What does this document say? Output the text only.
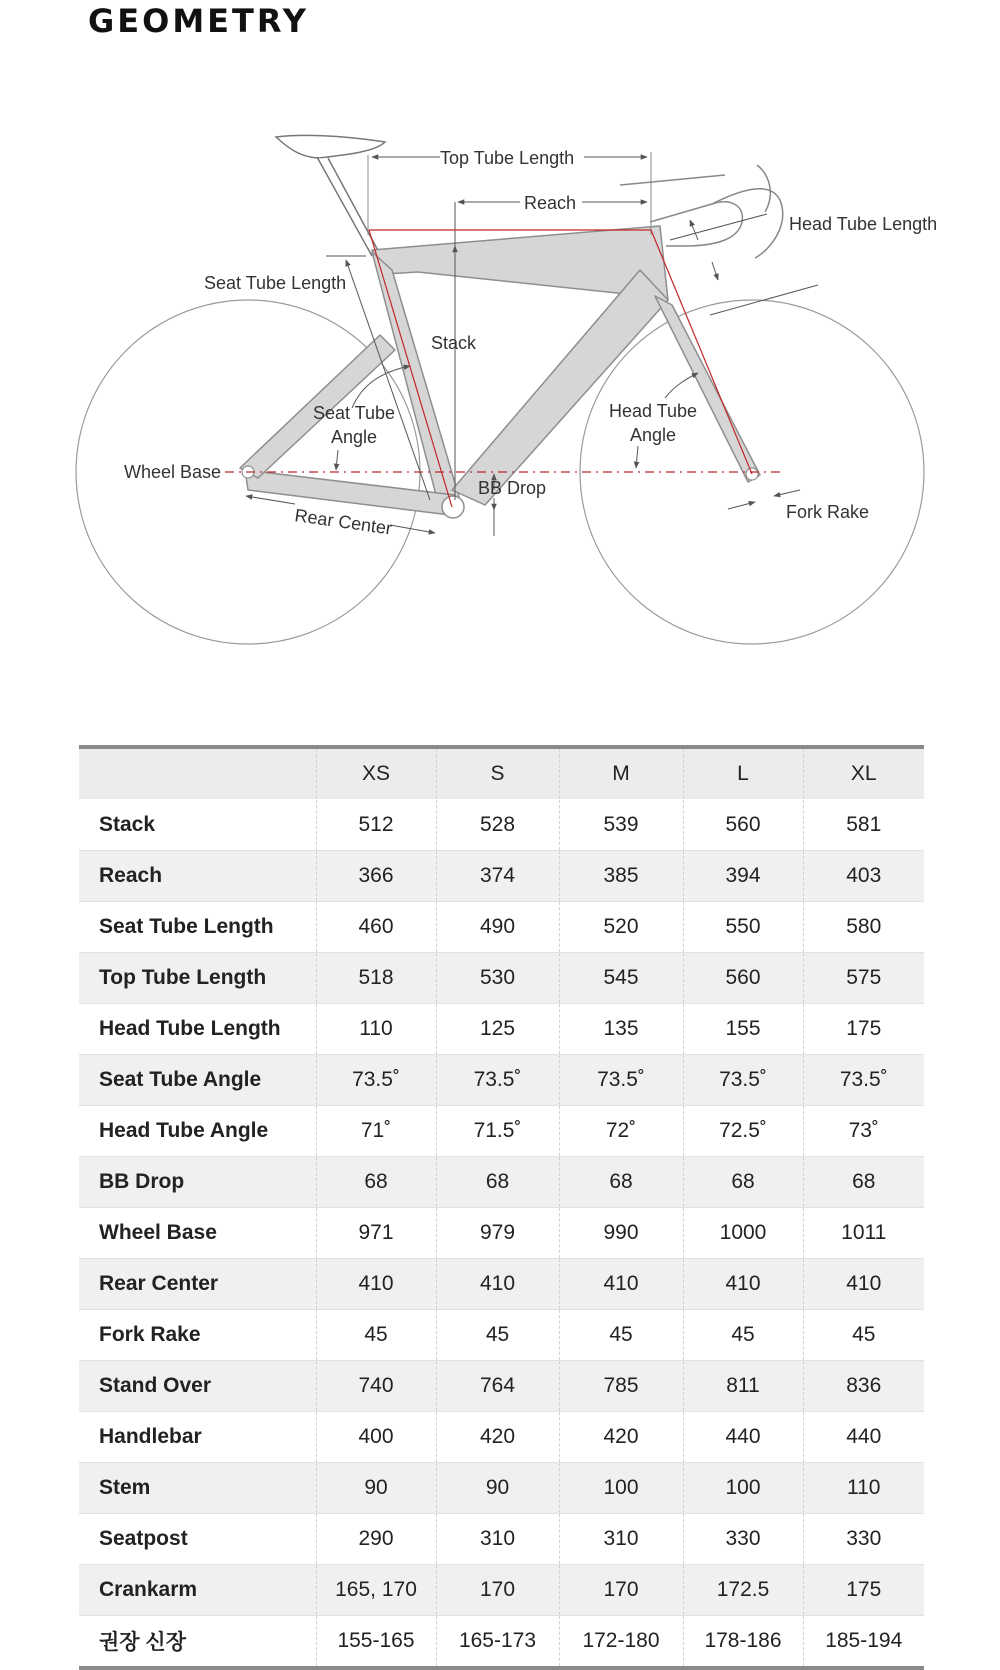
GEOMETRY
Top Tube Length
Reach
Head Tube Length
Seat Tube Length
Stack
Seat Tube
Angle
Head Tube
Angle
Wheel Base
BB Drop
Rear Center	Fork Rake
	XS	S	M	L	XL
Stack	512	528	539	560	581
Reach	366	374	385	394	403
Seat Tube Length	460	490	520	550	580
Top Tube Length	518	530	545	560	575
Head Tube Length	110	125	135	155	175
Seat Tube Angle	73.5˚	73.5˚	73.5˚	73.5˚	73.5˚
Head Tube Angle	71˚	71.5˚	72˚	72.5˚	73˚
BB Drop	68	68	68	68	68
Wheel Base	971	979	990	1000	1011
Rear Center	410	410	410	410	410
Fork Rake	45	45	45	45	45
Stand Over	740	764	785	811	836
Handlebar	400	420	420	440	440
Stem	90	90	100	100	110
Seatpost	290	310	310	330	330
Crankarm	165, 170	170	170	172.5	175
권장 신장	155-165	165-173	172-180	178-186	185-194
